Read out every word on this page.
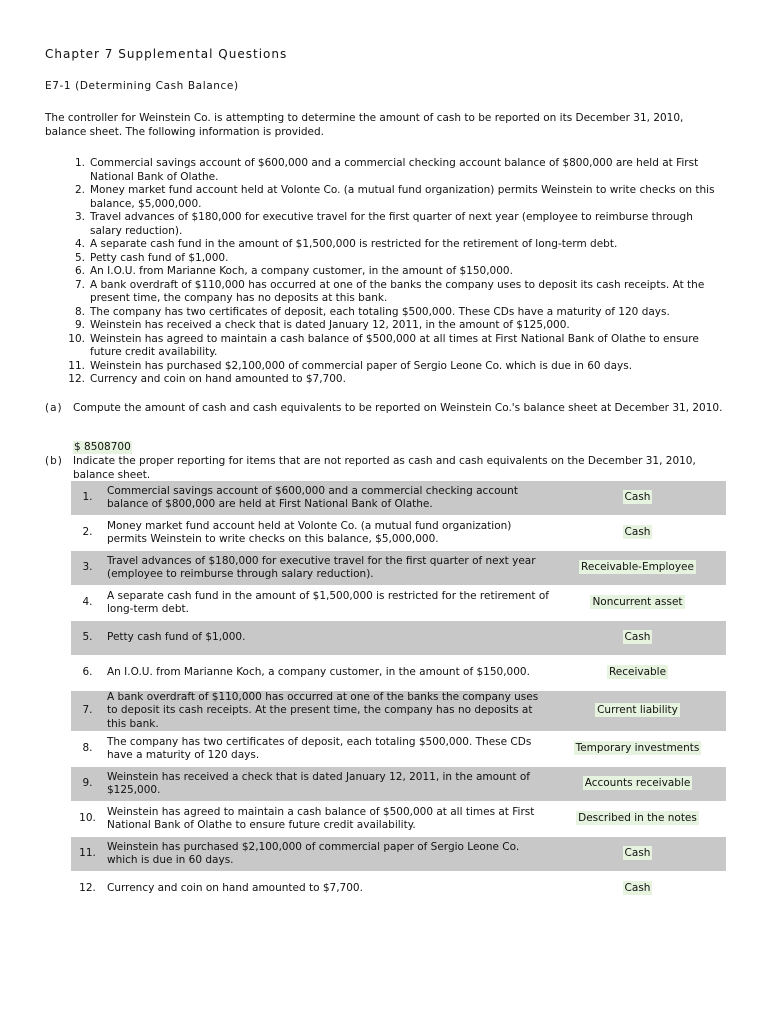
Chapter 7 Supplemental Questions
E7-1 (Determining Cash Balance)
The controller for Weinstein Co. is attempting to determine the amount of cash to be reported on its December 31, 2010, balance sheet. The following information is provided.
1. Commercial savings account of $600,000 and a commercial checking account balance of $800,000 are held at First National Bank of Olathe.
2. Money market fund account held at Volonte Co. (a mutual fund organization) permits Weinstein to write checks on this balance, $5,000,000.
3. Travel advances of $180,000 for executive travel for the first quarter of next year (employee to reimburse through salary reduction).
4. A separate cash fund in the amount of $1,500,000 is restricted for the retirement of long-term debt.
5. Petty cash fund of $1,000.
6. An I.O.U. from Marianne Koch, a company customer, in the amount of $150,000.
7. A bank overdraft of $110,000 has occurred at one of the banks the company uses to deposit its cash receipts. At the present time, the company has no deposits at this bank.
8. The company has two certificates of deposit, each totaling $500,000. These CDs have a maturity of 120 days.
9. Weinstein has received a check that is dated January 12, 2011, in the amount of $125,000.
10. Weinstein has agreed to maintain a cash balance of $500,000 at all times at First National Bank of Olathe to ensure future credit availability.
11. Weinstein has purchased $2,100,000 of commercial paper of Sergio Leone Co. which is due in 60 days.
12. Currency and coin on hand amounted to $7,700.
(a) Compute the amount of cash and cash equivalents to be reported on Weinstein Co.'s balance sheet at December 31, 2010.
$ 8508700
(b) Indicate the proper reporting for items that are not reported as cash and cash equivalents on the December 31, 2010, balance sheet.
1.
Commercial savings account of $600,000 and a commercial checking account balance of $800,000 are held at First National Bank of Olathe.
Cash
2.
Money market fund account held at Volonte Co. (a mutual fund organization) permits Weinstein to write checks on this balance, $5,000,000.
Cash
3.
Travel advances of $180,000 for executive travel for the first quarter of next year (employee to reimburse through salary reduction).
Receivable-Employee
4.
A separate cash fund in the amount of $1,500,000 is restricted for the retirement of long-term debt.
Noncurrent asset
5.	Petty cash fund of $1,000.	Cash
6.	An I.O.U. from Marianne Koch, a company customer, in the amount of $150,000.	Receivable
7.
A bank overdraft of $110,000 has occurred at one of the banks the company uses to deposit its cash receipts. At the present time, the company has no deposits at this bank.
Current liability
8.
The company has two certificates of deposit, each totaling $500,000. These CDs have a maturity of 120 days.
Temporary investments
9.
Weinstein has received a check that is dated January 12, 2011, in the amount of $125,000.
Accounts receivable
10.
Weinstein has agreed to maintain a cash balance of $500,000 at all times at First National Bank of Olathe to ensure future credit availability.
Described in the notes
11.
Weinstein has purchased $2,100,000 of commercial paper of Sergio Leone Co. which is due in 60 days.
Cash
12.	Currency and coin on hand amounted to $7,700.	Cash
